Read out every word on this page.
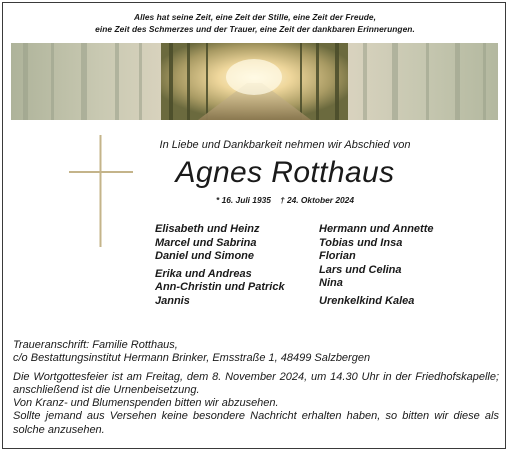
Alles hat seine Zeit, eine Zeit der Stille, eine Zeit der Freude,
eine Zeit des Schmerzes und der Trauer, eine Zeit der dankbaren Erinnerungen.
In Liebe und Dankbarkeit nehmen wir Abschied von
Agnes Rotthaus
* 16. Juli 1935 † 24. Oktober 2024
Elisabeth und Heinz
Marcel und Sabrina
Daniel und Simone
Erika und Andreas
Ann-Christin und Patrick
Jannis
Hermann und Annette
Tobias und Insa
Florian
Lars und Celina
Nina
Urenkelkind Kalea

Traueranschrift: Familie Rotthaus,

c/o Bestattungsinstitut Hermann Brinker, Emsstraße 1, 48499 Salzbergen

Die Wortgottesfeier ist am Freitag, dem 8. November 2024, um 14.30 Uhr in der Friedhofskapelle; anschließend ist die Urnenbeisetzung.

Von Kranz- und Blumenspenden bitten wir abzusehen.

Sollte jemand aus Versehen keine besondere Nachricht erhalten haben, so bitten wir diese als solche anzusehen.
